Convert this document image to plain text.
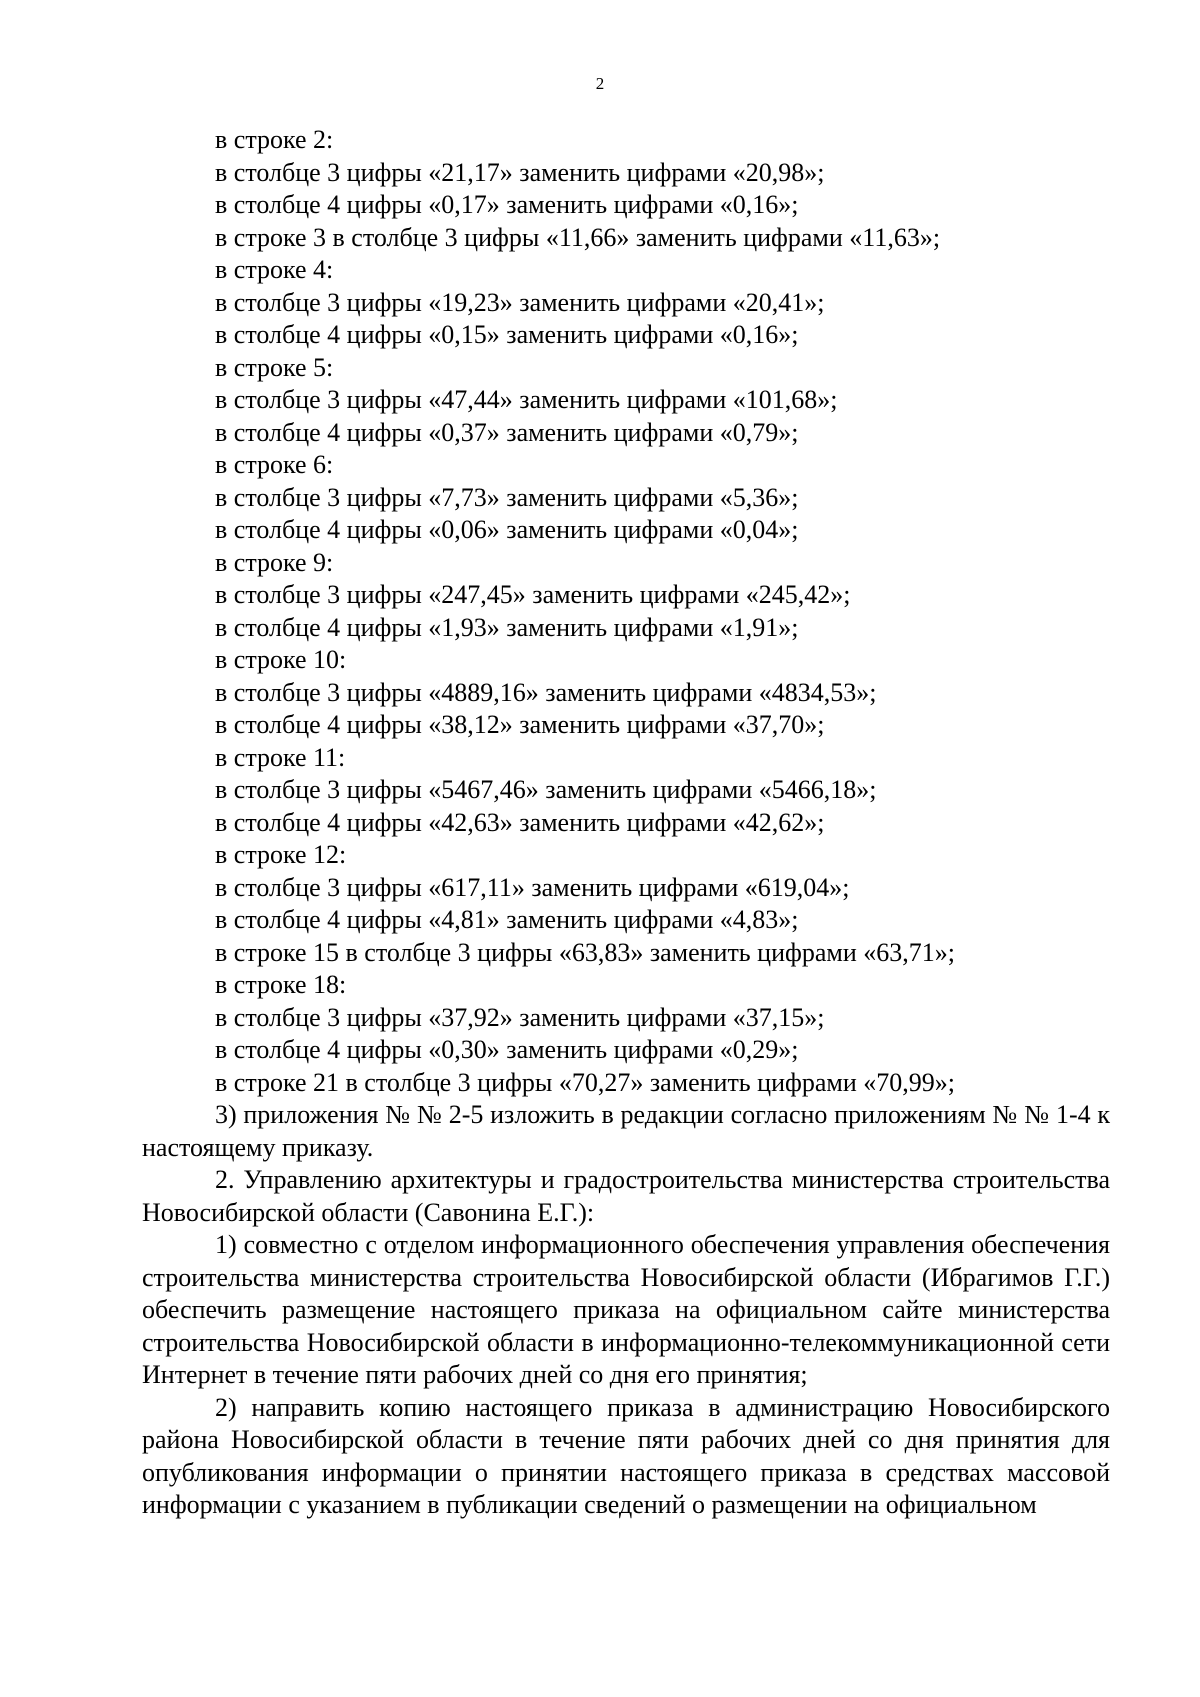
2
в строке 2:
в столбце 3 цифры «21,17» заменить цифрами «20,98»;
в столбце 4 цифры «0,17» заменить цифрами «0,16»;
в строке 3 в столбце 3 цифры «11,66» заменить цифрами «11,63»;
в строке 4:
в столбце 3 цифры «19,23» заменить цифрами «20,41»;
в столбце 4 цифры «0,15» заменить цифрами «0,16»;
в строке 5:
в столбце 3 цифры «47,44» заменить цифрами «101,68»;
в столбце 4 цифры «0,37» заменить цифрами «0,79»;
в строке 6:
в столбце 3 цифры «7,73» заменить цифрами «5,36»;
в столбце 4 цифры «0,06» заменить цифрами «0,04»;
в строке 9:
в столбце 3 цифры «247,45» заменить цифрами «245,42»;
в столбце 4 цифры «1,93» заменить цифрами «1,91»;
в строке 10:
в столбце 3 цифры «4889,16» заменить цифрами «4834,53»;
в столбце 4 цифры «38,12» заменить цифрами «37,70»;
в строке 11:
в столбце 3 цифры «5467,46» заменить цифрами «5466,18»;
в столбце 4 цифры «42,63» заменить цифрами «42,62»;
в строке 12:
в столбце 3 цифры «617,11» заменить цифрами «619,04»;
в столбце 4 цифры «4,81» заменить цифрами «4,83»;
в строке 15 в столбце 3 цифры «63,83» заменить цифрами «63,71»;
в строке 18:
в столбце 3 цифры «37,92» заменить цифрами «37,15»;
в столбце 4 цифры «0,30» заменить цифрами «0,29»;
в строке 21 в столбце 3 цифры «70,27» заменить цифрами «70,99»;

3) приложения № № 2-5 изложить в редакции согласно приложениям № № 1-4 к настоящему приказу.

2. Управлению архитектуры и градостроительства министерства строительства Новосибирской области (Савонина Е.Г.):

1) совместно с отделом информационного обеспечения управления обеспечения строительства министерства строительства Новосибирской области (Ибрагимов Г.Г.) обеспечить размещение настоящего приказа на официальном сайте министерства строительства Новосибирской области в информационно-телекоммуникационной сети Интернет в течение пяти рабочих дней со дня его принятия;

2) направить копию настоящего приказа в администрацию Новосибирского района Новосибирской области в течение пяти рабочих дней со дня принятия для опубликования информации о принятии настоящего приказа в средствах массовой информации с указанием в публикации сведений о размещении на официальном
